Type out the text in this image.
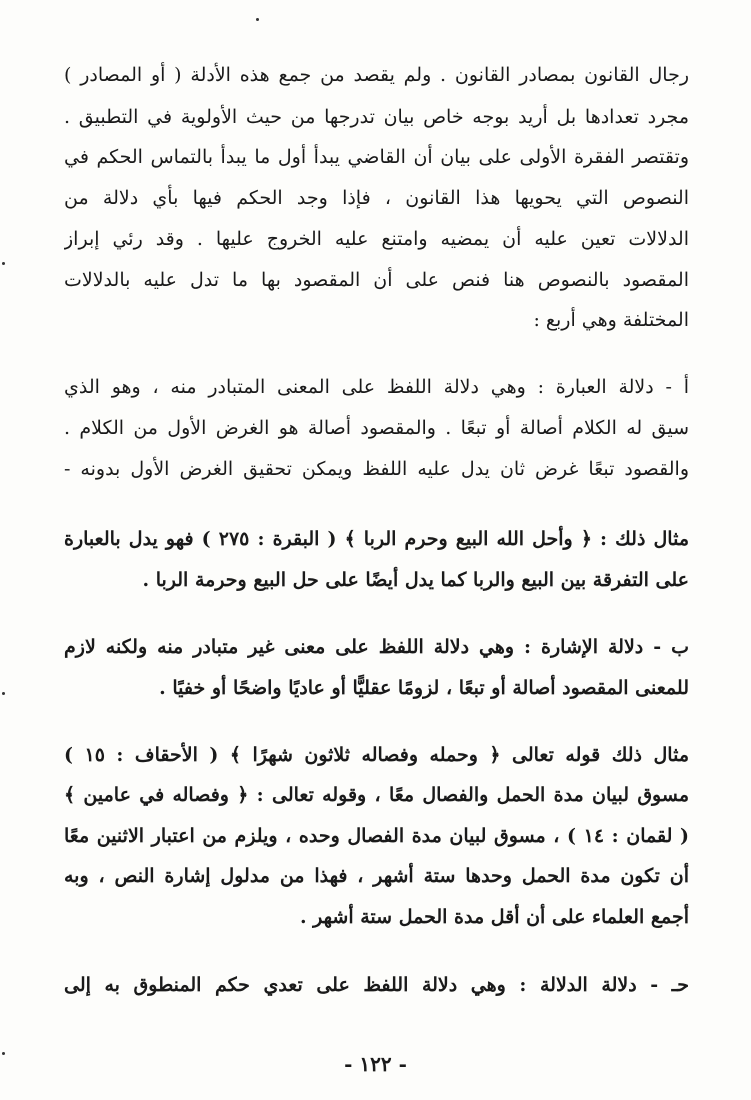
رجال القانون بمصادر القانون . ولم يقصد من جمع هذه الأدلة ( أو المصادر )
مجرد تعدادها بل أريد بوجه خاص بيان تدرجها من حيث الأولوية في التطبيق .
وتقتصر الفقرة الأولى على بيان أن القاضي يبدأ أول ما يبدأ بالتماس الحكم في
النصوص التي يحويها هذا القانون ، فإذا وجد الحكم فيها بأي دلالة من
الدلالات تعين عليه أن يمضيه وامتنع عليه الخروج عليها . وقد رئي إبراز
المقصود بالنصوص هنا فنص على أن المقصود بها ما تدل عليه بالدلالات
المختلفة وهي أربع :
أ - دلالة العبارة : وهي دلالة اللفظ على المعنى المتبادر منه ، وهو الذي
سيق له الكلام أصالة أو تبعًا . والمقصود أصالة هو الغرض الأول من الكلام .
والقصود تبعًا غرض ثان يدل عليه اللفظ ويمكن تحقيق الغرض الأول بدونه -
مثال ذلك : ﴿ وأحل الله البيع وحرم الربا ﴾ ( البقرة : ٢٧٥ ) فهو يدل بالعبارة
على التفرقة بين البيع والربا كما يدل أيضًا على حل البيع وحرمة الربا .
ب - دلالة الإشارة : وهي دلالة اللفظ على معنى غير متبادر منه ولكنه لازم
للمعنى المقصود أصالة أو تبعًا ، لزومًا عقليًّا أو عاديًا واضحًا أو خفيًا .
مثال ذلك قوله تعالى ﴿ وحمله وفصاله ثلاثون شهرًا ﴾ ( الأحقاف : ١٥ )
مسوق لبيان مدة الحمل والفصال معًا ، وقوله تعالى : ﴿ وفصاله في عامين ﴾
( لقمان : ١٤ ) ، مسوق لبيان مدة الفصال وحده ، ويلزم من اعتبار الاثنين معًا
أن تكون مدة الحمل وحدها ستة أشهر ، فهذا من مدلول إشارة النص ، وبه
أجمع العلماء على أن أقل مدة الحمل ستة أشهر .
حـ - دلالة الدلالة : وهي دلالة اللفظ على تعدي حكم المنطوق به إلى
- ١٢٢ -
